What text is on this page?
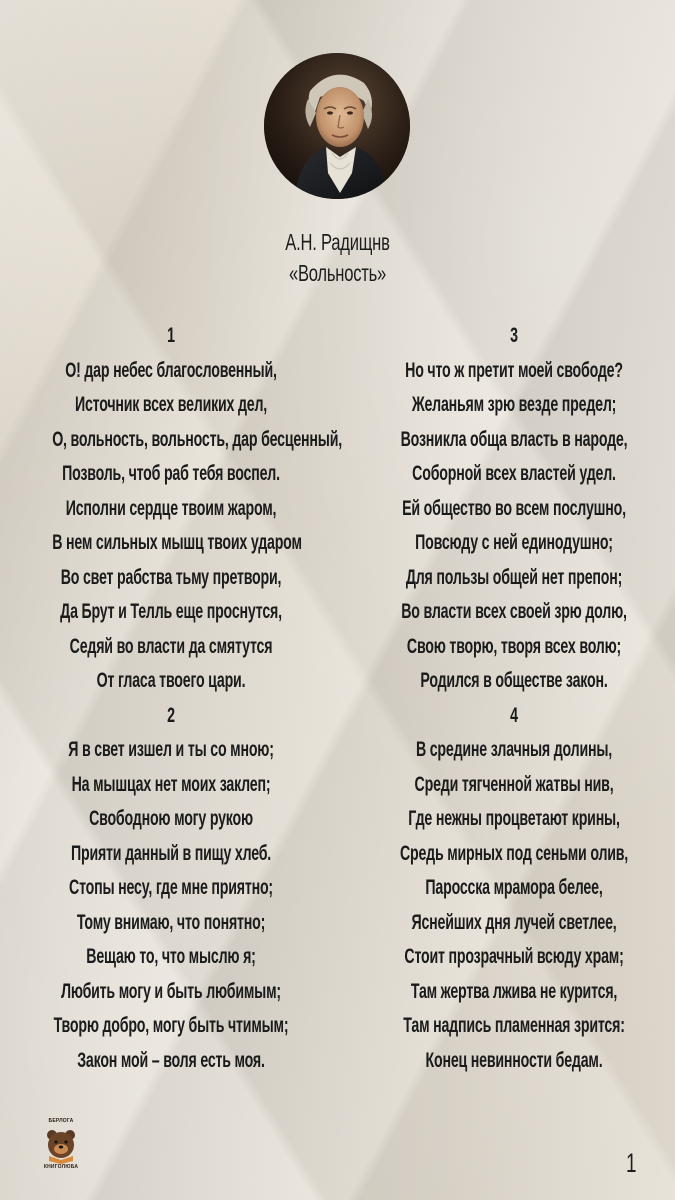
А.Н. Радищнв
«Вольность»
1
О! дар небес благословенный,
Источник всех великих дел,
О, вольность, вольность, дар бесценный,
Позволь, чтоб раб тебя воспел.
Исполни сердце твоим жаром,
В нем сильных мышц твоих ударом
Во свет рабства тьму претвори,
Да Брут и Телль еще проснутся,
Седяй во власти да смятутся
От гласа твоего цари.
2
Я в свет изшел и ты со мною;
На мышцах нет моих заклеп;
Свободною могу рукою
Прияти данный в пищу хлеб.
Стопы несу, где мне приятно;
Тому внимаю, что понятно;
Вещаю то, что мыслю я;
Любить могу и быть любимым;
Творю добро, могу быть чтимым;
Закон мой – воля есть моя.
3
Но что ж претит моей свободе?
Желаньям зрю везде предел;
Возникла обща власть в народе,
Соборной всех властей удел.
Ей общество во всем послушно,
Повсюду с ней единодушно;
Для пользы общей нет препон;
Во власти всех своей зрю долю,
Свою творю, творя всех волю;
Родился в обществе закон.
4
В средине злачныя долины,
Среди тягченной жатвы нив,
Где нежны процветают крины,
Средь мирных под сеньми олив,
Паросска мрамора белее,
Яснейших дня лучей светлее,
Стоит прозрачный всюду храм;
Там жертва лжива не курится,
Там надпись пламенная зрится:
Конец невинности бедам.
БЕРЛОГА
КНИГОЛЮБА	1
